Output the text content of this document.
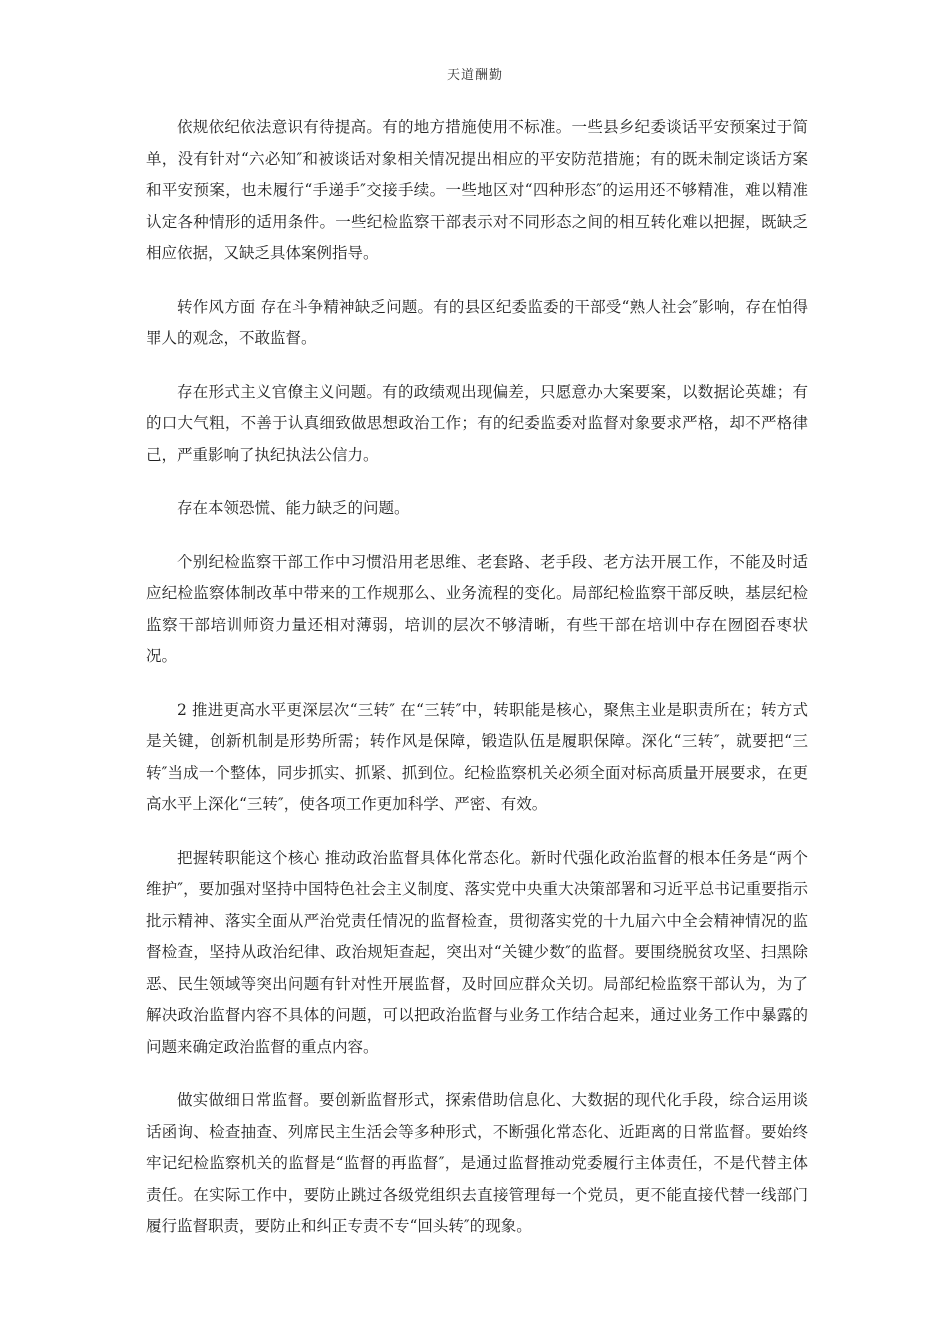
天道酬勤

依规依纪依法意识有待提高。有的地方措施使用不标准。一些县乡纪委谈话平安预案过于简单，没有针对“六必知″和被谈话对象相关情况提出相应的平安防范措施；有的既未制定谈话方案和平安预案，也未履行“手递手″交接手续。一些地区对“四种形态″的运用还不够精准，难以精准认定各种情形的适用条件。一些纪检监察干部表示对不同形态之间的相互转化难以把握，既缺乏相应依据，又缺乏具体案例指导。

转作风方面 存在斗争精神缺乏问题。有的县区纪委监委的干部受“熟人社会″影响，存在怕得罪人的观念，不敢监督。

存在形式主义官僚主义问题。有的政绩观出现偏差，只愿意办大案要案，以数据论英雄；有的口大气粗，不善于认真细致做思想政治工作；有的纪委监委对监督对象要求严格，却不严格律己，严重影响了执纪执法公信力。

存在本领恐慌、能力缺乏的问题。

个别纪检监察干部工作中习惯沿用老思维、老套路、老手段、老方法开展工作，不能及时适应纪检监察体制改革中带来的工作规那么、业务流程的变化。局部纪检监察干部反映，基层纪检监察干部培训师资力量还相对薄弱，培训的层次不够清晰，有些干部在培训中存在囫囵吞枣状况。

2 推进更高水平更深层次“三转″ 在“三转″中，转职能是核心，聚焦主业是职责所在；转方式是关键，创新机制是形势所需；转作风是保障，锻造队伍是履职保障。深化“三转″，就要把“三转″当成一个整体，同步抓实、抓紧、抓到位。纪检监察机关必须全面对标高质量开展要求，在更高水平上深化“三转″，使各项工作更加科学、严密、有效。

把握转职能这个核心 推动政治监督具体化常态化。新时代强化政治监督的根本任务是“两个维护″，要加强对坚持中国特色社会主义制度、落实党中央重大决策部署和习近平总书记重要指示批示精神、落实全面从严治党责任情况的监督检查，贯彻落实党的十九届六中全会精神情况的监督检查，坚持从政治纪律、政治规矩查起，突出对“关键少数″的监督。要围绕脱贫攻坚、扫黑除恶、民生领域等突出问题有针对性开展监督，及时回应群众关切。局部纪检监察干部认为，为了解决政治监督内容不具体的问题，可以把政治监督与业务工作结合起来，通过业务工作中暴露的问题来确定政治监督的重点内容。

做实做细日常监督。要创新监督形式，探索借助信息化、大数据的现代化手段，综合运用谈话函询、检查抽查、列席民主生活会等多种形式，不断强化常态化、近距离的日常监督。要始终牢记纪检监察机关的监督是“监督的再监督″，是通过监督推动党委履行主体责任，不是代替主体责任。在实际工作中，要防止跳过各级党组织去直接管理每一个党员，更不能直接代替一线部门履行监督职责，要防止和纠正专责不专“回头转″的现象。
